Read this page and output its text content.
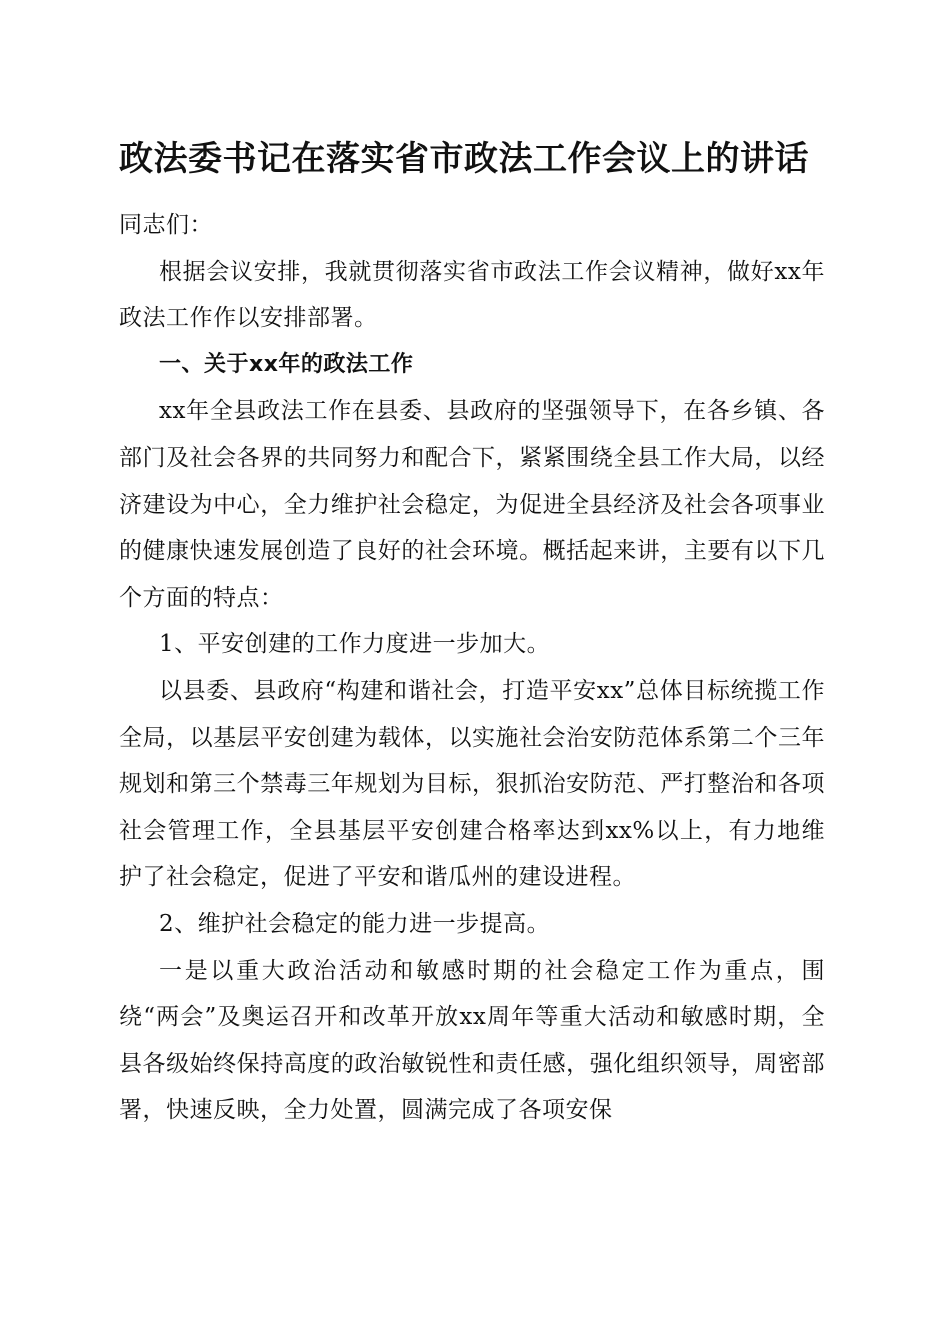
政法委书记在落实省市政法工作会议上的讲话

同志们：

根据会议安排，我就贯彻落实省市政法工作会议精神，做好xx年政法工作作以安排部署。

一、关于xx年的政法工作

xx年全县政法工作在县委、县政府的坚强领导下，在各乡镇、各部门及社会各界的共同努力和配合下，紧紧围绕全县工作大局，以经济建设为中心，全力维护社会稳定，为促进全县经济及社会各项事业的健康快速发展创造了良好的社会环境。概括起来讲，主要有以下几个方面的特点：

1、平安创建的工作力度进一步加大。

以县委、县政府“构建和谐社会，打造平安xx”总体目标统揽工作全局，以基层平安创建为载体，以实施社会治安防范体系第二个三年规划和第三个禁毒三年规划为目标，狠抓治安防范、严打整治和各项社会管理工作，全县基层平安创建合格率达到xx%以上，有力地维护了社会稳定，促进了平安和谐瓜州的建设进程。

2、维护社会稳定的能力进一步提高。

一是以重大政治活动和敏感时期的社会稳定工作为重点，围绕“两会”及奥运召开和改革开放xx周年等重大活动和敏感时期，全县各级始终保持高度的政治敏锐性和责任感，强化组织领导，周密部署，快速反映，全力处置，圆满完成了各项安保
